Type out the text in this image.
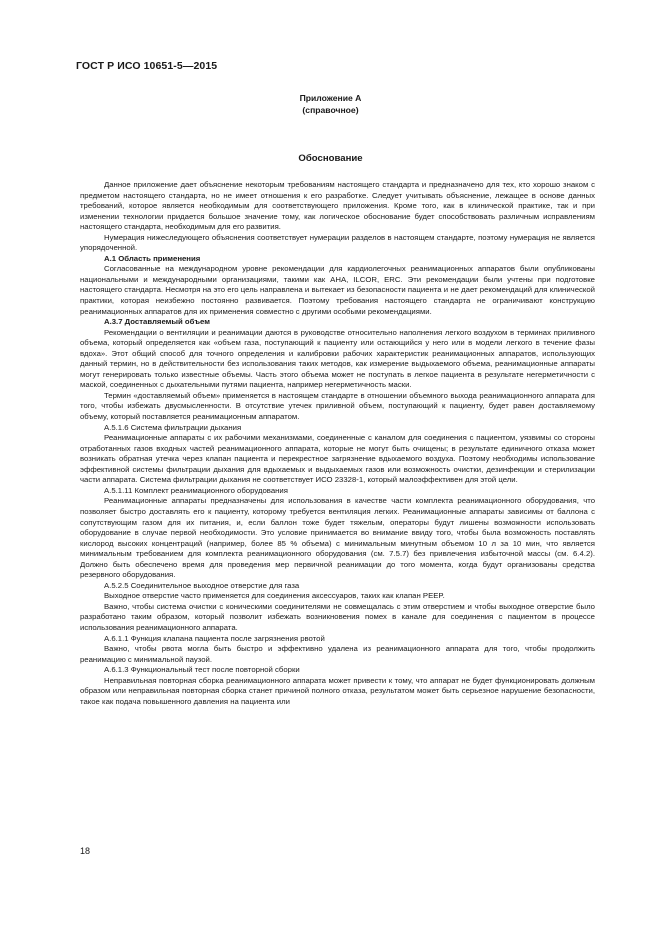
ГОСТ Р ИСО 10651-5—2015
Приложение А
(справочное)
Обоснование

Данное приложение дает объяснение некоторым требованиям настоящего стандарта и предназначено для тех, кто хорошо знаком с предметом настоящего стандарта, но не имеет отношения к его разработке. Следует учитывать объяснение, лежащее в основе данных требований, которое является необходимым для соответствующего приложения. Кроме того, как в клинической практике, так и при изменении технологии придается большое значение тому, как логическое обоснование будет способствовать различным исправлениям настоящего стандарта, необходимым для его развития.

Нумерация нижеследующего объяснения соответствует нумерации разделов в настоящем стандарте, поэтому нумерация не является упорядоченной.

А.1 Область применения

Согласованные на международном уровне рекомендации для кардиолегочных реанимационных аппаратов были опубликованы национальными и международными организациями, такими как АНА, ILCOR, ERC. Эти рекомендации были учтены при подготовке настоящего стандарта. Несмотря на это его цель направлена и вытекает из безопасности пациента и не дает рекомендаций для клинической практики, которая неизбежно постоянно развивается. Поэтому требования настоящего стандарта не ограничивают конструкцию реанимационных аппаратов для их применения совместно с другими особыми рекомендациями.

А.3.7 Доставляемый объем

Рекомендации о вентиляции и реанимации даются в руководстве относительно наполнения легкого воздухом в терминах приливного объема, который определяется как «объем газа, поступающий к пациенту или остающийся у него или в модели легкого в течение фазы вдоха». Этот общий способ для точного определения и калибровки рабочих характеристик реанимационных аппаратов, использующих данный термин, но в действительности без использования таких методов, как измерение выдыхаемого объема, реанимационные аппараты могут генерировать только известные объемы. Часть этого объема может не поступать в легкое пациента в результате негерметичности с маской, соединенных с дыхательными путями пациента, например негерметичность маски.

Термин «доставляемый объем» применяется в настоящем стандарте в отношении объемного выхода реанимационного аппарата для того, чтобы избежать двусмысленности. В отсутствие утечек приливной объем, поступающий к пациенту, будет равен доставляемому объему, который поставляется реанимационным аппаратом.

А.5.1.6 Система фильтрации дыхания

Реанимационные аппараты с их рабочими механизмами, соединенные с каналом для соединения с пациентом, уязвимы со стороны отработанных газов входных частей реанимационного аппарата, которые не могут быть очищены; в результате единичного отказа может возникать обратная утечка через клапан пациента и перекрестное загрязнение вдыхаемого воздуха. Поэтому необходимы использование эффективной системы фильтрации дыхания для вдыхаемых и выдыхаемых газов или возможность очистки, дезинфекции и стерилизации части аппарата. Система фильтрации дыхания не соответствует ИСО 23328-1, который малоэффективен для этой цели.

А.5.1.11 Комплект реанимационного оборудования

Реанимационные аппараты предназначены для использования в качестве части комплекта реанимационного оборудования, что позволяет быстро доставлять его к пациенту, которому требуется вентиляция легких. Реанимационные аппараты зависимы от баллона с сопутствующим газом для их питания, и, если баллон тоже будет тяжелым, операторы будут лишены возможности использовать оборудование в случае первой необходимости. Это условие принимается во внимание ввиду того, чтобы была возможность поставлять кислород высоких концентраций (например, более 85 % объема) с минимальным минутным объемом 10 л за 10 мин, что является минимальным требованием для комплекта реанимационного оборудования (см. 7.5.7) без привлечения избыточной массы (см. 6.4.2). Должно быть обеспечено время для проведения мер первичной реанимации до того момента, когда будут организованы средства резервного оборудования.

А.5.2.5 Соединительное выходное отверстие для газа

Выходное отверстие часто применяется для соединения аксессуаров, таких как клапан PEEP.

Важно, чтобы система очистки с коническими соединителями не совмещалась с этим отверстием и чтобы выходное отверстие было разработано таким образом, который позволит избежать возникновения помех в канале для соединения с пациентом в процессе использования реанимационного аппарата.

А.6.1.1 Функция клапана пациента после загрязнения рвотой

Важно, чтобы рвота могла быть быстро и эффективно удалена из реанимационного аппарата для того, чтобы продолжить реанимацию с минимальной паузой.

А.6.1.3 Функциональный тест после повторной сборки

Неправильная повторная сборка реанимационного аппарата может привести к тому, что аппарат не будет функционировать должным образом или неправильная повторная сборка станет причиной полного отказа, результатом может быть серьезное нарушение безопасности, такое как подача повышенного давления на пациента или

18
